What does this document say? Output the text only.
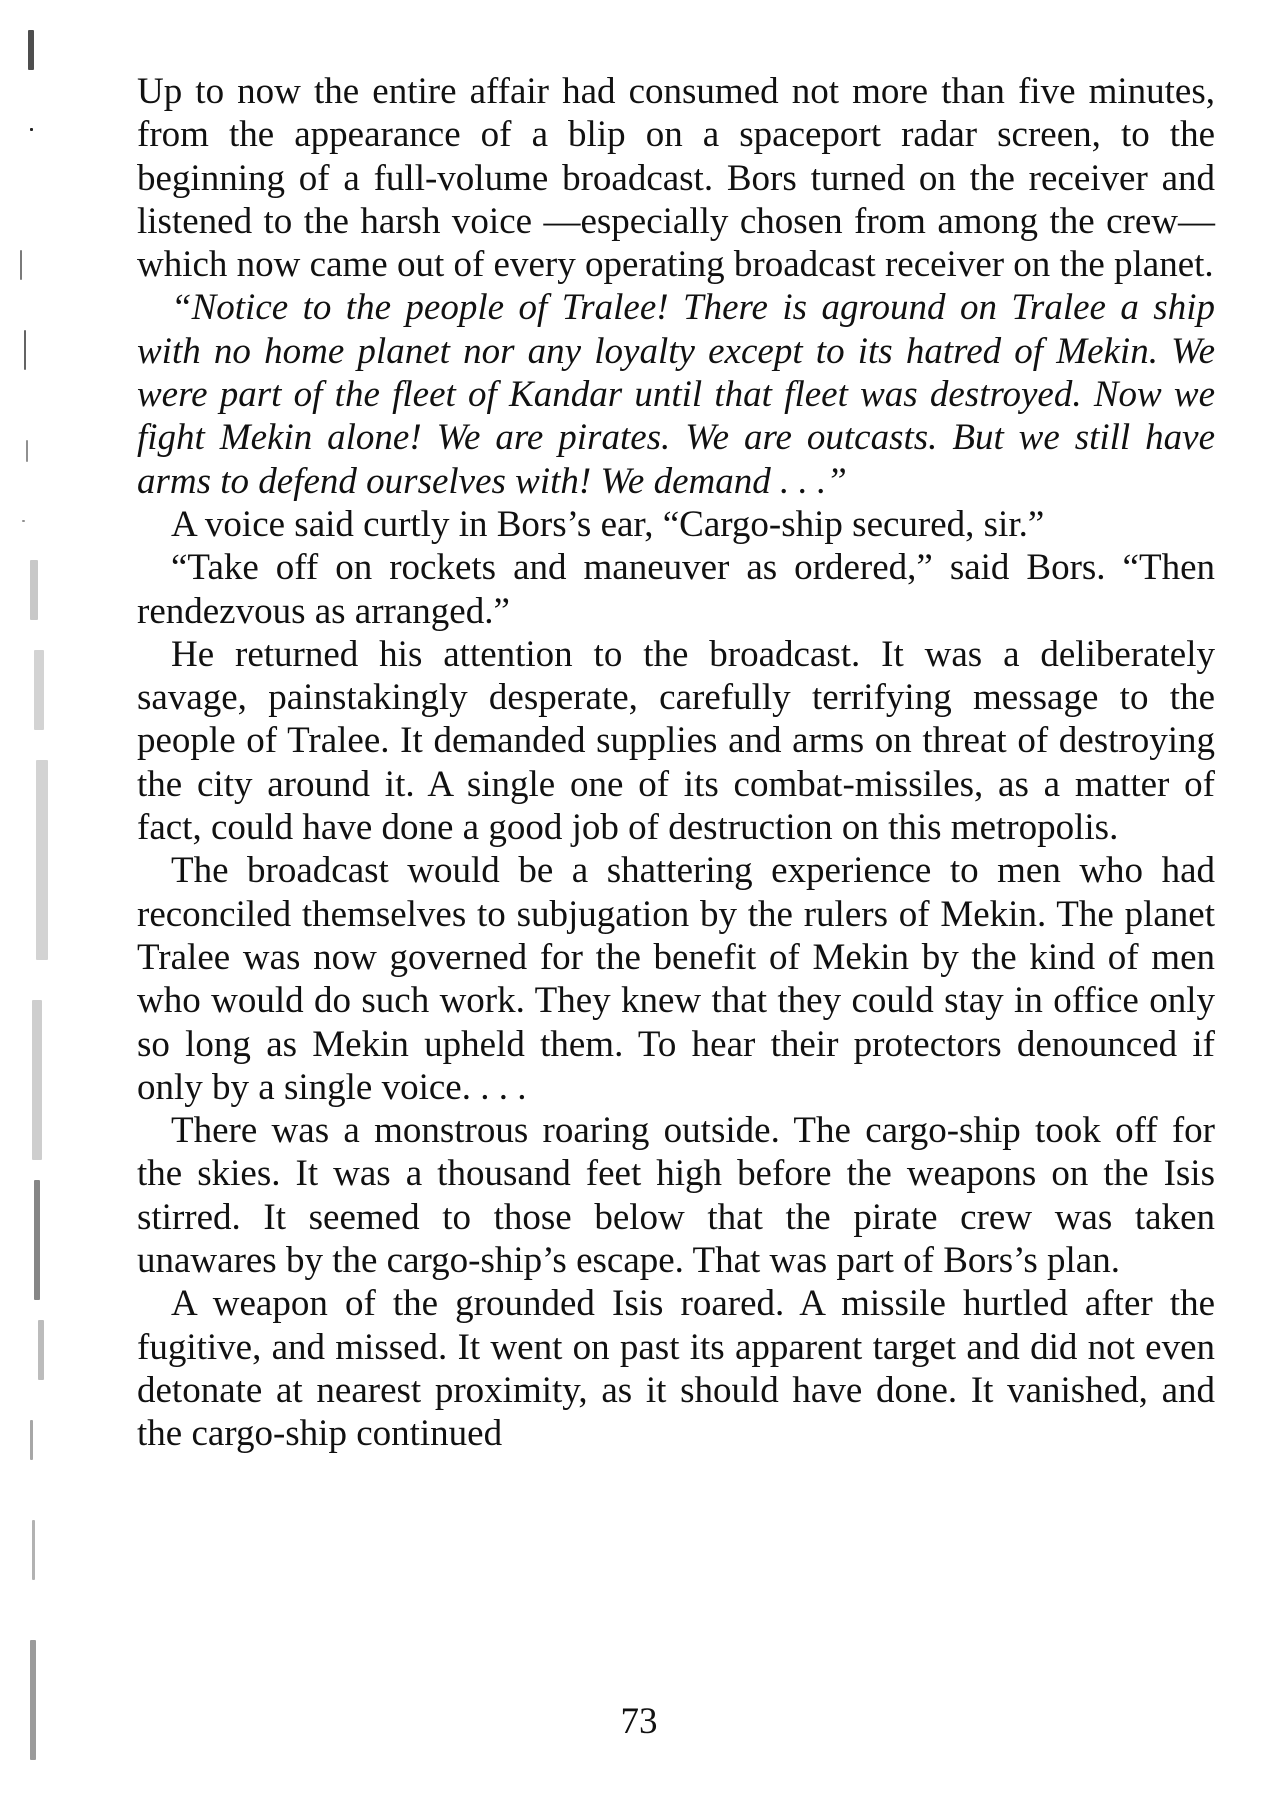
Up to now the entire affair had consumed not more than five minutes, from the appearance of a blip on a spaceport radar screen, to the beginning of a full-volume broadcast. Bors turned on the receiver and listened to the harsh voice —especially chosen from among the crew—which now came out of every operating broadcast receiver on the planet.

“Notice to the people of Tralee! There is aground on Tralee a ship with no home planet nor any loyalty except to its hatred of Mekin. We were part of the fleet of Kandar until that fleet was destroyed. Now we fight Mekin alone! We are pirates. We are outcasts. But we still have arms to defend ourselves with! We demand . . .”

A voice said curtly in Bors’s ear, “Cargo-ship secured, sir.”

“Take off on rockets and maneuver as ordered,” said Bors. “Then rendezvous as arranged.”

He returned his attention to the broadcast. It was a deliberately savage, painstakingly desperate, carefully terrifying message to the people of Tralee. It demanded supplies and arms on threat of destroying the city around it. A single one of its combat-missiles, as a matter of fact, could have done a good job of destruction on this metropolis.

The broadcast would be a shattering experience to men who had reconciled themselves to subjugation by the rulers of Mekin. The planet Tralee was now governed for the benefit of Mekin by the kind of men who would do such work. They knew that they could stay in office only so long as Mekin upheld them. To hear their protectors denounced if only by a single voice. . . .

There was a monstrous roaring outside. The cargo-ship took off for the skies. It was a thousand feet high before the weapons on the Isis stirred. It seemed to those below that the pirate crew was taken unawares by the cargo-ship’s escape. That was part of Bors’s plan.

A weapon of the grounded Isis roared. A missile hurtled after the fugitive, and missed. It went on past its apparent target and did not even detonate at nearest proximity, as it should have done. It vanished, and the cargo-ship continued

73
